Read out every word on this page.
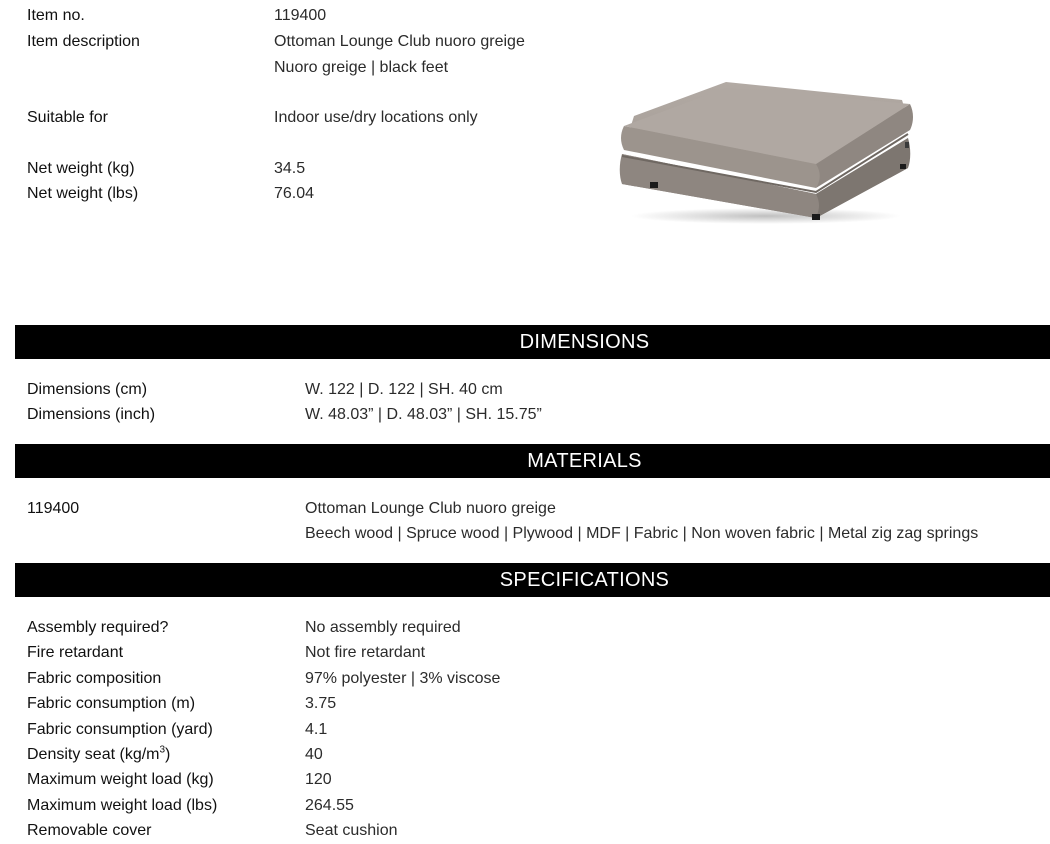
Item no.	119400
Item description	Ottoman Lounge Club nuoro greige
Nuoro greige | black feet
Suitable for	Indoor use/dry locations only
Net weight (kg)	34.5
Net weight (lbs)	76.04
DIMENSIONS
Dimensions (cm)	W. 122 | D. 122 | SH. 40 cm
Dimensions (inch)	W. 48.03” | D. 48.03” | SH. 15.75”
MATERIALS
119400	Ottoman Lounge Club nuoro greige
Beech wood | Spruce wood | Plywood | MDF | Fabric | Non woven fabric | Metal zig zag springs
SPECIFICATIONS
Assembly required?	No assembly required
Fire retardant	Not fire retardant
Fabric composition	97% polyester | 3% viscose
Fabric consumption (m)	3.75
Fabric consumption (yard)	4.1
Density seat $(kg/m^3)$	40
Maximum weight load (kg)	120
Maximum weight load (lbs)	264.55
Removable cover	Seat cushion
